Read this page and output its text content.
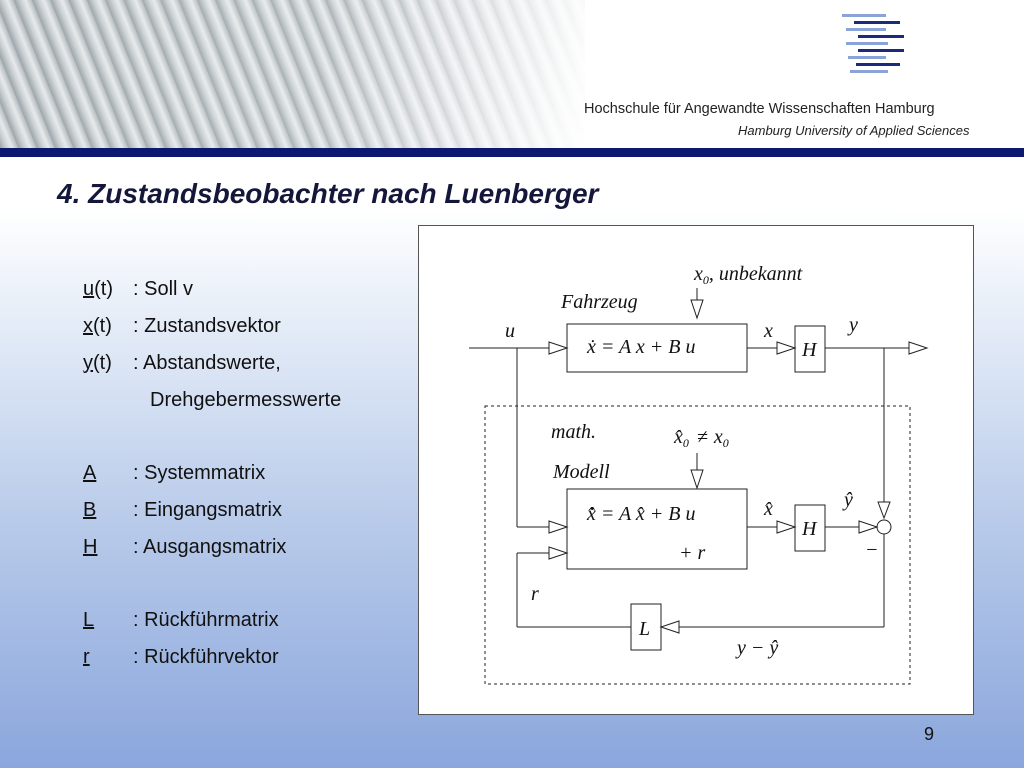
Hochschule für Angewandte Wissenschaften Hamburg
Hamburg University of Applied Sciences
4. Zustandsbeobachter nach Luenberger
u(t) : Soll v
x(t) : Zustandsvektor
y(t) : Abstandswerte,
Drehgebermesswerte
A : Systemmatrix
B : Eingangsmatrix
H : Ausgangsmatrix
L : Rückführmatrix
r : Rückführvektor
$x_0$, unbekannt
Fahrzeug
u	x	y
ẋ = A x + B u	H
math.
Modell
$x̂_0 \ne x_0$
x̂̇ = A x̂ + B u
+ r
x̂	ŷ
H
−
r
L
y − ŷ
9
